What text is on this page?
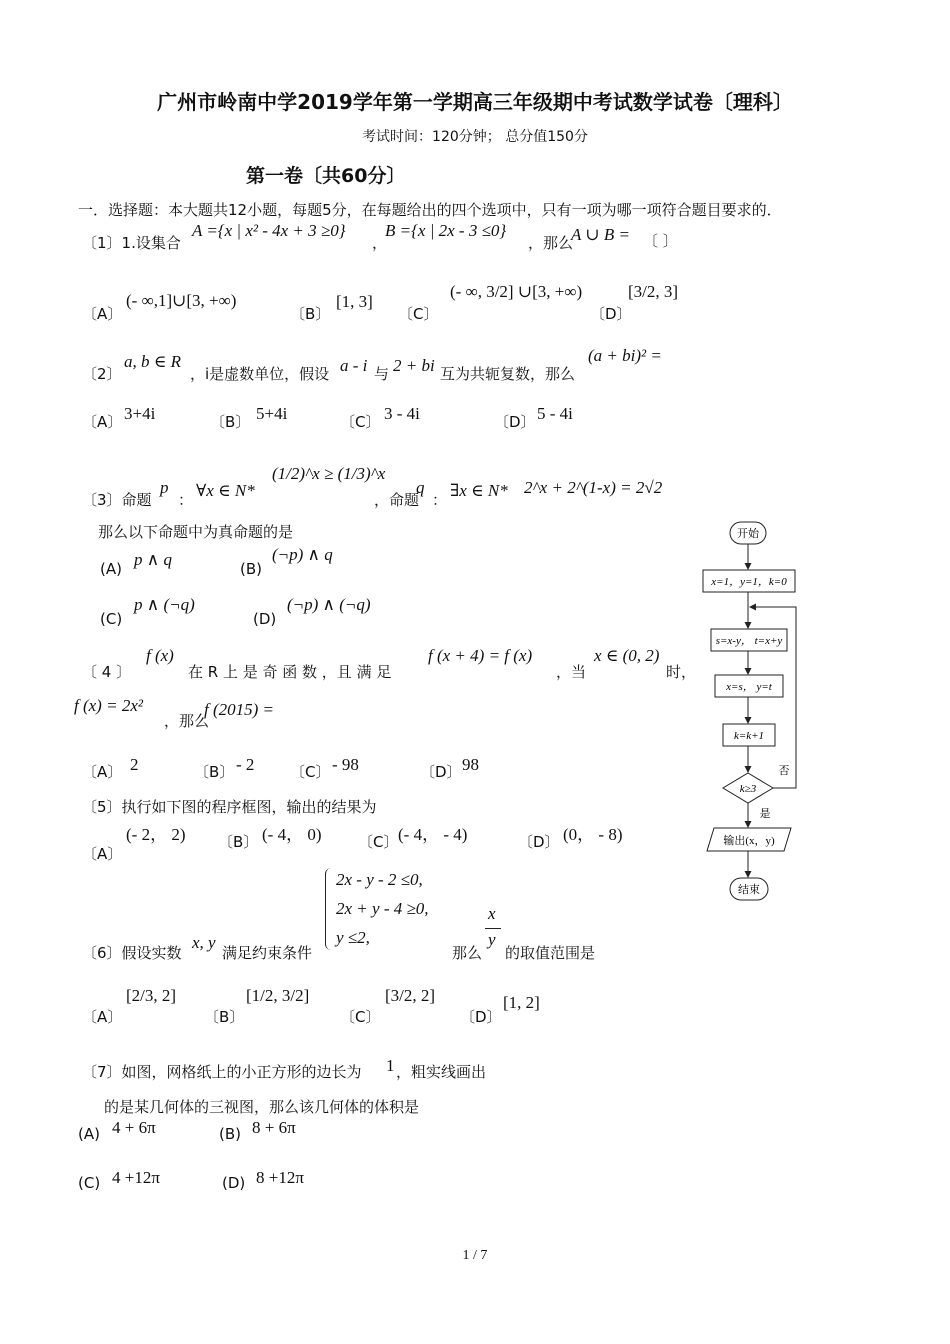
广州市岭南中学2019学年第一学期高三年级期中考试数学试卷〔理科〕
考试时间：120分钟； 总分值150分
第一卷〔共60分〕
一．选择题：本大题共12小题，每题5分，在每题给出的四个选项中，只有一项为哪一项符合题目要求的．
〔1〕1.设集合
A ={x | x² - 4x + 3 ≥0}
，
B ={x | 2x - 3 ≤0}
，那么
A ∪ B = 〔 〕
〔A〕
(- ∞,1]∪[3, +∞)
〔B〕
[1, 3]
〔C〕
(- ∞, 3/2] ∪[3, +∞)
〔D〕
[3/2, 3]
〔2〕
a, b ∈ R
，i是虚数单位，假设 a - i 与 2 + bi 互为共轭复数，那么
(a + bi)² =
〔A〕 3+4i	〔B〕 5+4i	〔C〕 3 - 4i	〔D〕 5 - 4i
〔3〕命题
p
： ∀x ∈ N*
(1/2)^x ≥ (1/3)^x
，命题
q
： ∃x ∈ N* 2^x + 2^(1-x) = 2√2
那么以下命题中为真命题的是
(A) p ∧ q	(B)
(¬p) ∧ q
(C)
p ∧ (¬q)
(D)
(¬p) ∧ (¬q)
〔 4 〕
f (x)
在 R 上 是 奇 函 数 ，且 满 足
f (x + 4) = f (x)
，当
x ∈ (0, 2)
时，
f (x) = 2x²
，那么
f (2015) =
〔A〕 2	〔B〕 - 2 〔C〕 - 98	〔D〕 98
〔5〕执行如下图的程序框图，输出的结果为
〔A〕
(- 2， 2) 〔B〕 (- 4， 0) 〔C〕 (- 4， - 4)	〔D〕 (0， - 8)
〔6〕假设实数
x, y
满足约束条件
2x - y - 2 ≤0,
2x + y - 4 ≥0,
y ≤2,
那么
x
y
的取值范围是
〔A〕
[2/3, 2]
〔B〕
[1/2, 3/2]
〔C〕
[3/2, 2]
〔D〕
[1, 2]
〔7〕如图，网格纸上的小正方形的边长为 1 ，粗实线画出
的是某几何体的三视图，那么该几何体的体积是
(A) 4 + 6π	(B) 8 + 6π
(C) 4 +12π	(D) 8 +12π
开始
x=1，y=1，k=0
s=x-y， t=x+y
x=s， y=t
k=k+1
k≥3
否
是
输出(x，y)
结束
1 / 7
